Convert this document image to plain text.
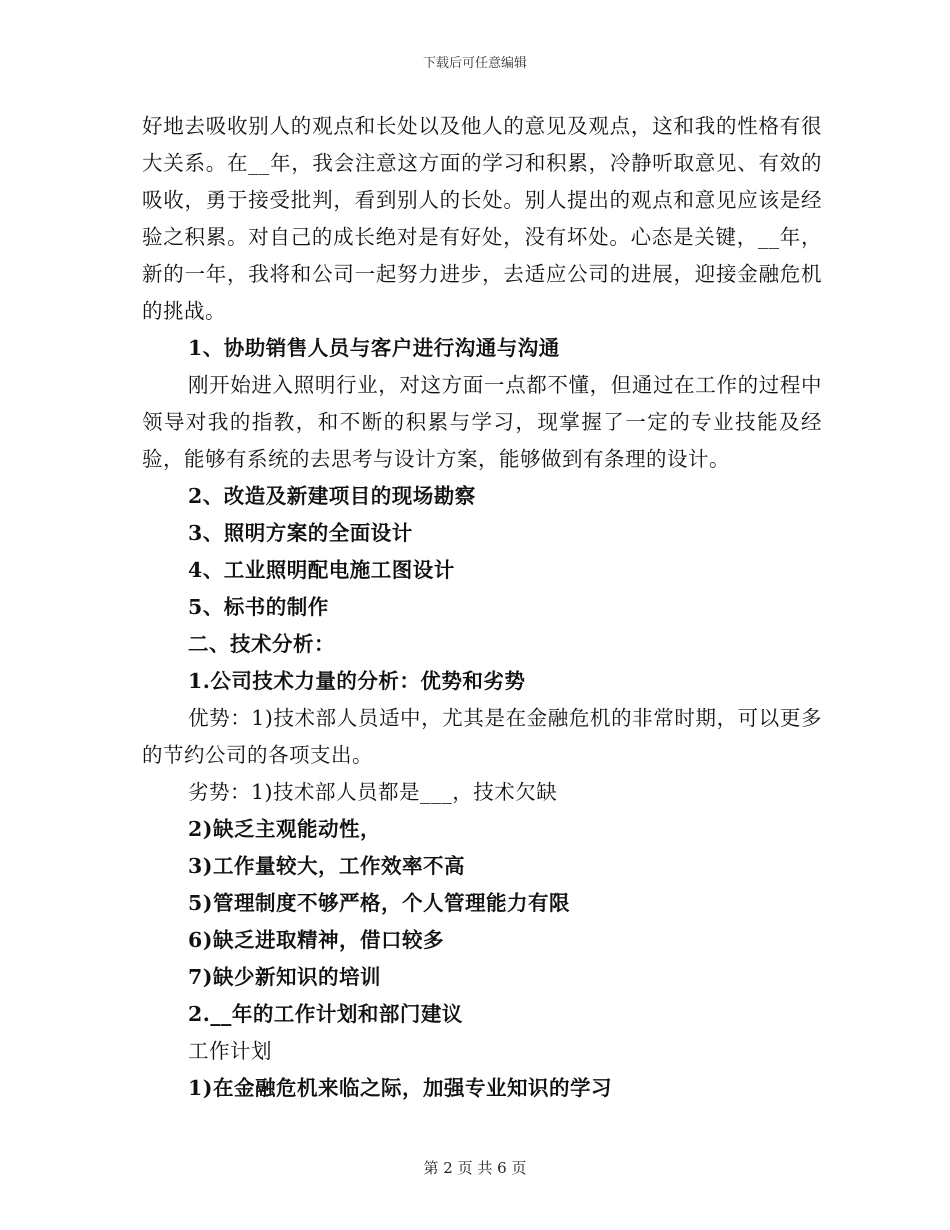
下载后可任意编辑

好地去吸收别人的观点和长处以及他人的意见及观点，这和我的性格有很大关系。在__年，我会注意这方面的学习和积累，冷静听取意见、有效的吸收，勇于接受批判，看到别人的长处。别人提出的观点和意见应该是经验之积累。对自己的成长绝对是有好处，没有坏处。心态是关键，__年，新的一年，我将和公司一起努力进步，去适应公司的进展，迎接金融危机的挑战。

1、协助销售人员与客户进行沟通与沟通

刚开始进入照明行业，对这方面一点都不懂，但通过在工作的过程中领导对我的指教，和不断的积累与学习，现掌握了一定的专业技能及经验，能够有系统的去思考与设计方案，能够做到有条理的设计。

2、改造及新建项目的现场勘察

3、照明方案的全面设计

4、工业照明配电施工图设计

5、标书的制作

二、技术分析：

1.公司技术力量的分析：优势和劣势

优势：1)技术部人员适中，尤其是在金融危机的非常时期，可以更多的节约公司的各项支出。

劣势：1)技术部人员都是___，技术欠缺

2)缺乏主观能动性，

3)工作量较大，工作效率不高

5)管理制度不够严格，个人管理能力有限

6)缺乏进取精神，借口较多

7)缺少新知识的培训

2.__年的工作计划和部门建议

工作计划

1)在金融危机来临之际，加强专业知识的学习

第 2 页 共 6 页
